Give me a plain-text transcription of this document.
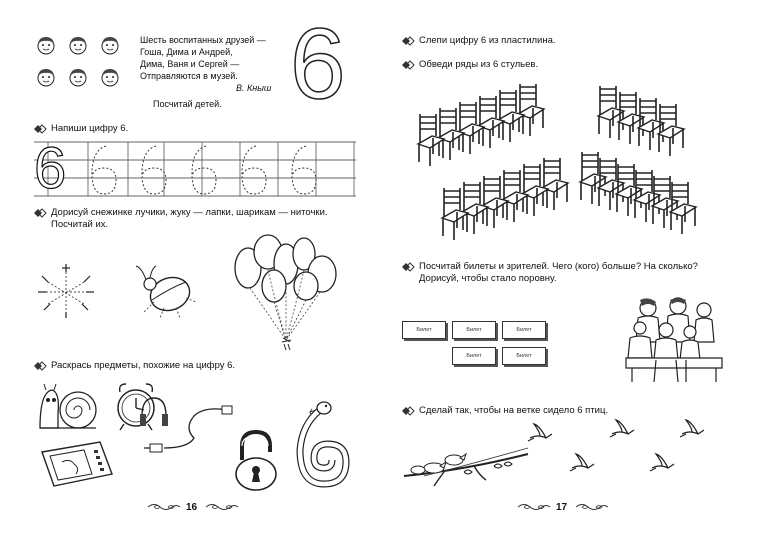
Шесть воспитанных друзей —
Гоша, Дима и Андрей,
Дима, Ваня и Сергей —
Отправляются в музей.
В. Кныш
Посчитай детей. 6
Напиши цифру 6.
6
Дорисуй снежинке лучики, жуку — лапки, шарикам — ниточки.
Посчитай их.
Раскрась предметы, похожие на цифру 6.
16
Слепи цифру 6 из пластилина.
Обведи ряды из 6 стульев.
Посчитай билеты и зрителей. Чего (кого) больше? На сколько?
Дорисуй, чтобы стало поровну.
Билет	Билет	Билет
Билет	Билет
Сделай так, чтобы на ветке сидело 6 птиц.
17
